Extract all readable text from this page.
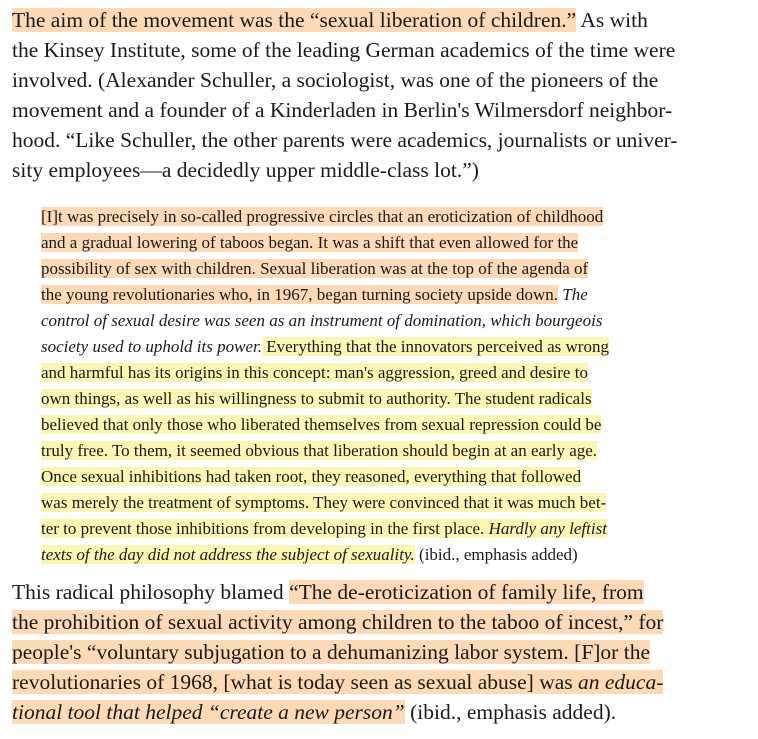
The aim of the movement was the “sexual liberation of children.” As with
the Kinsey Institute, some of the leading German academics of the time were
involved. (Alexander Schuller, a sociologist, was one of the pioneers of the
movement and a founder of a Kinderladen in Berlin's Wilmersdorf neighbor-
hood. “Like Schuller, the other parents were academics, journalists or univer-
sity employees—a decidedly upper middle-class lot.”)
[I]t was precisely in so-called progressive circles that an eroticization of childhood
and a gradual lowering of taboos began. It was a shift that even allowed for the
possibility of sex with children. Sexual liberation was at the top of the agenda of
the young revolutionaries who, in 1967, began turning society upside down. The
control of sexual desire was seen as an instrument of domination, which bourgeois
society used to uphold its power. Everything that the innovators perceived as wrong
and harmful has its origins in this concept: man's aggression, greed and desire to
own things, as well as his willingness to submit to authority. The student radicals
believed that only those who liberated themselves from sexual repression could be
truly free. To them, it seemed obvious that liberation should begin at an early age.
Once sexual inhibitions had taken root, they reasoned, everything that followed
was merely the treatment of symptoms. They were convinced that it was much bet-
ter to prevent those inhibitions from developing in the first place. Hardly any leftist
texts of the day did not address the subject of sexuality. (ibid., emphasis added)
This radical philosophy blamed “The de-eroticization of family life, from
the prohibition of sexual activity among children to the taboo of incest,” for
people's “voluntary subjugation to a dehumanizing labor system. [F]or the
revolutionaries of 1968, [what is today seen as sexual abuse] was an educa-
tional tool that helped “create a new person” (ibid., emphasis added).
